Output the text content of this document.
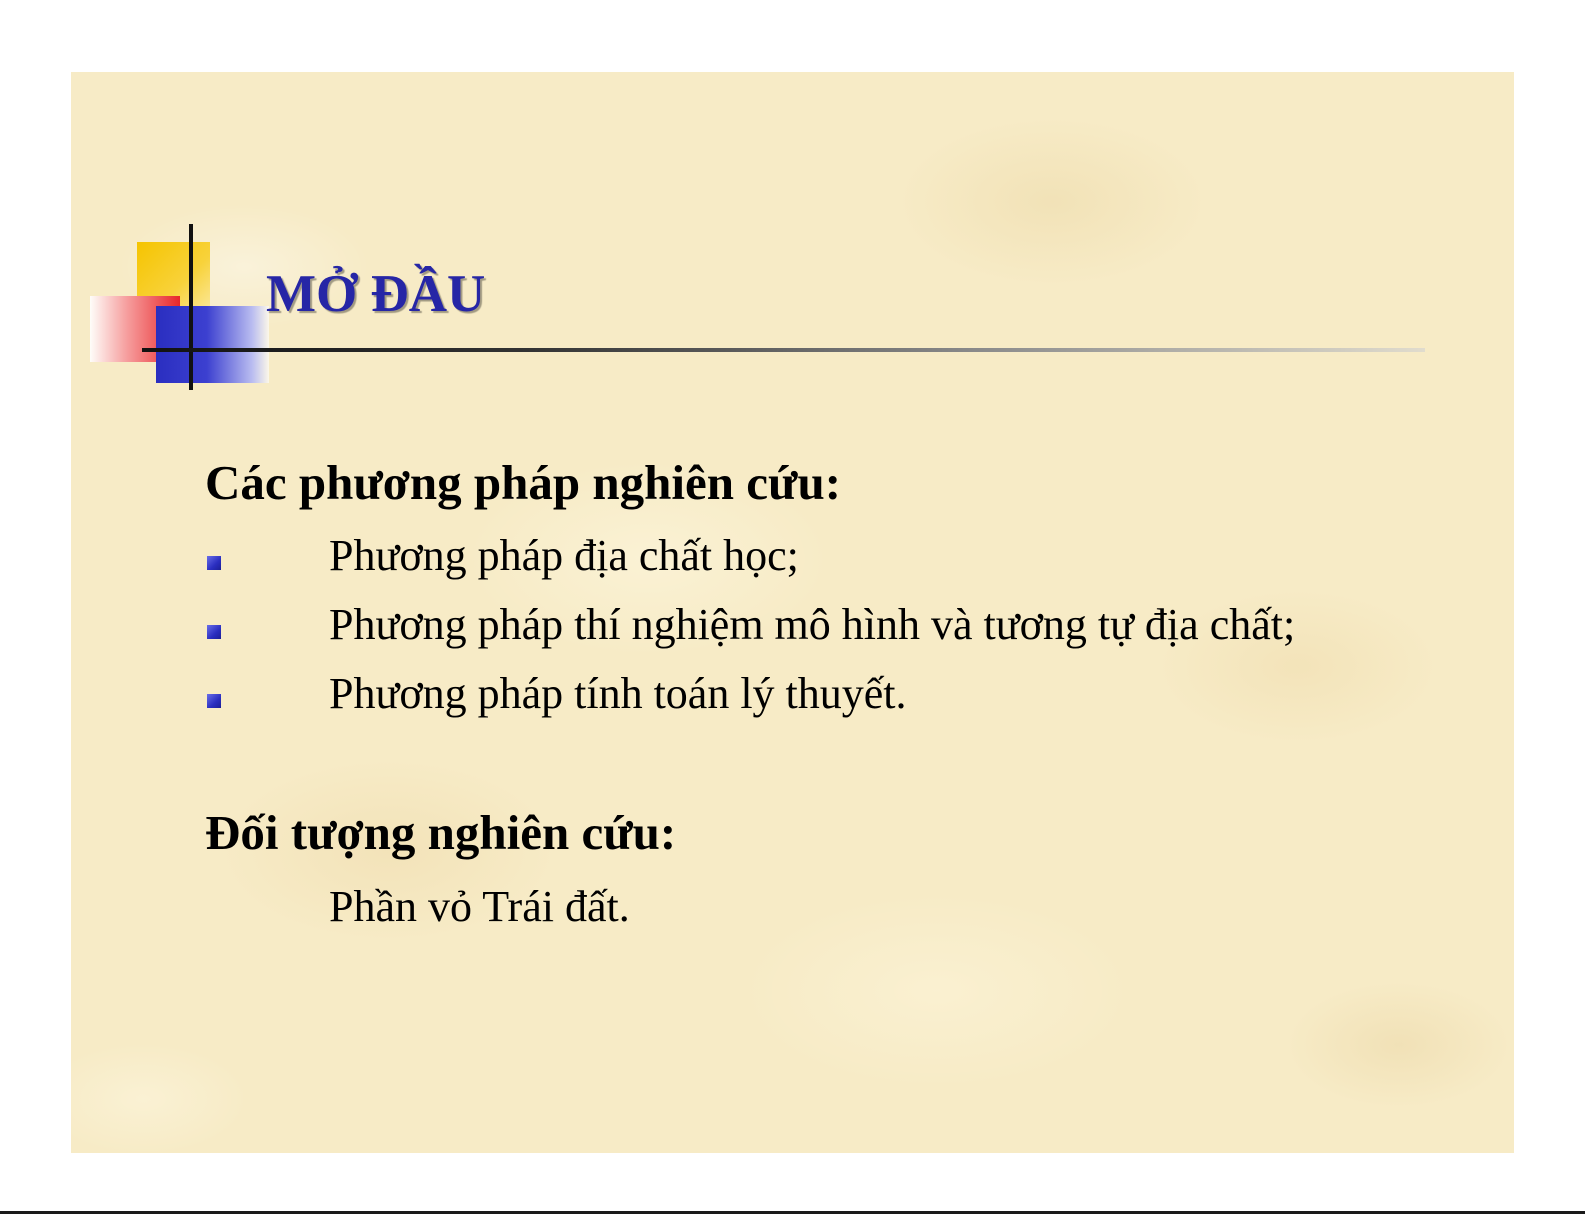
MỞ ĐẦU
Các phương pháp nghiên cứu:
Phương pháp địa chất học;
Phương pháp thí nghiệm mô hình và tương tự địa chất;
Phương pháp tính toán lý thuyết.
Đối tượng nghiên cứu:

Phần vỏ Trái đất.
